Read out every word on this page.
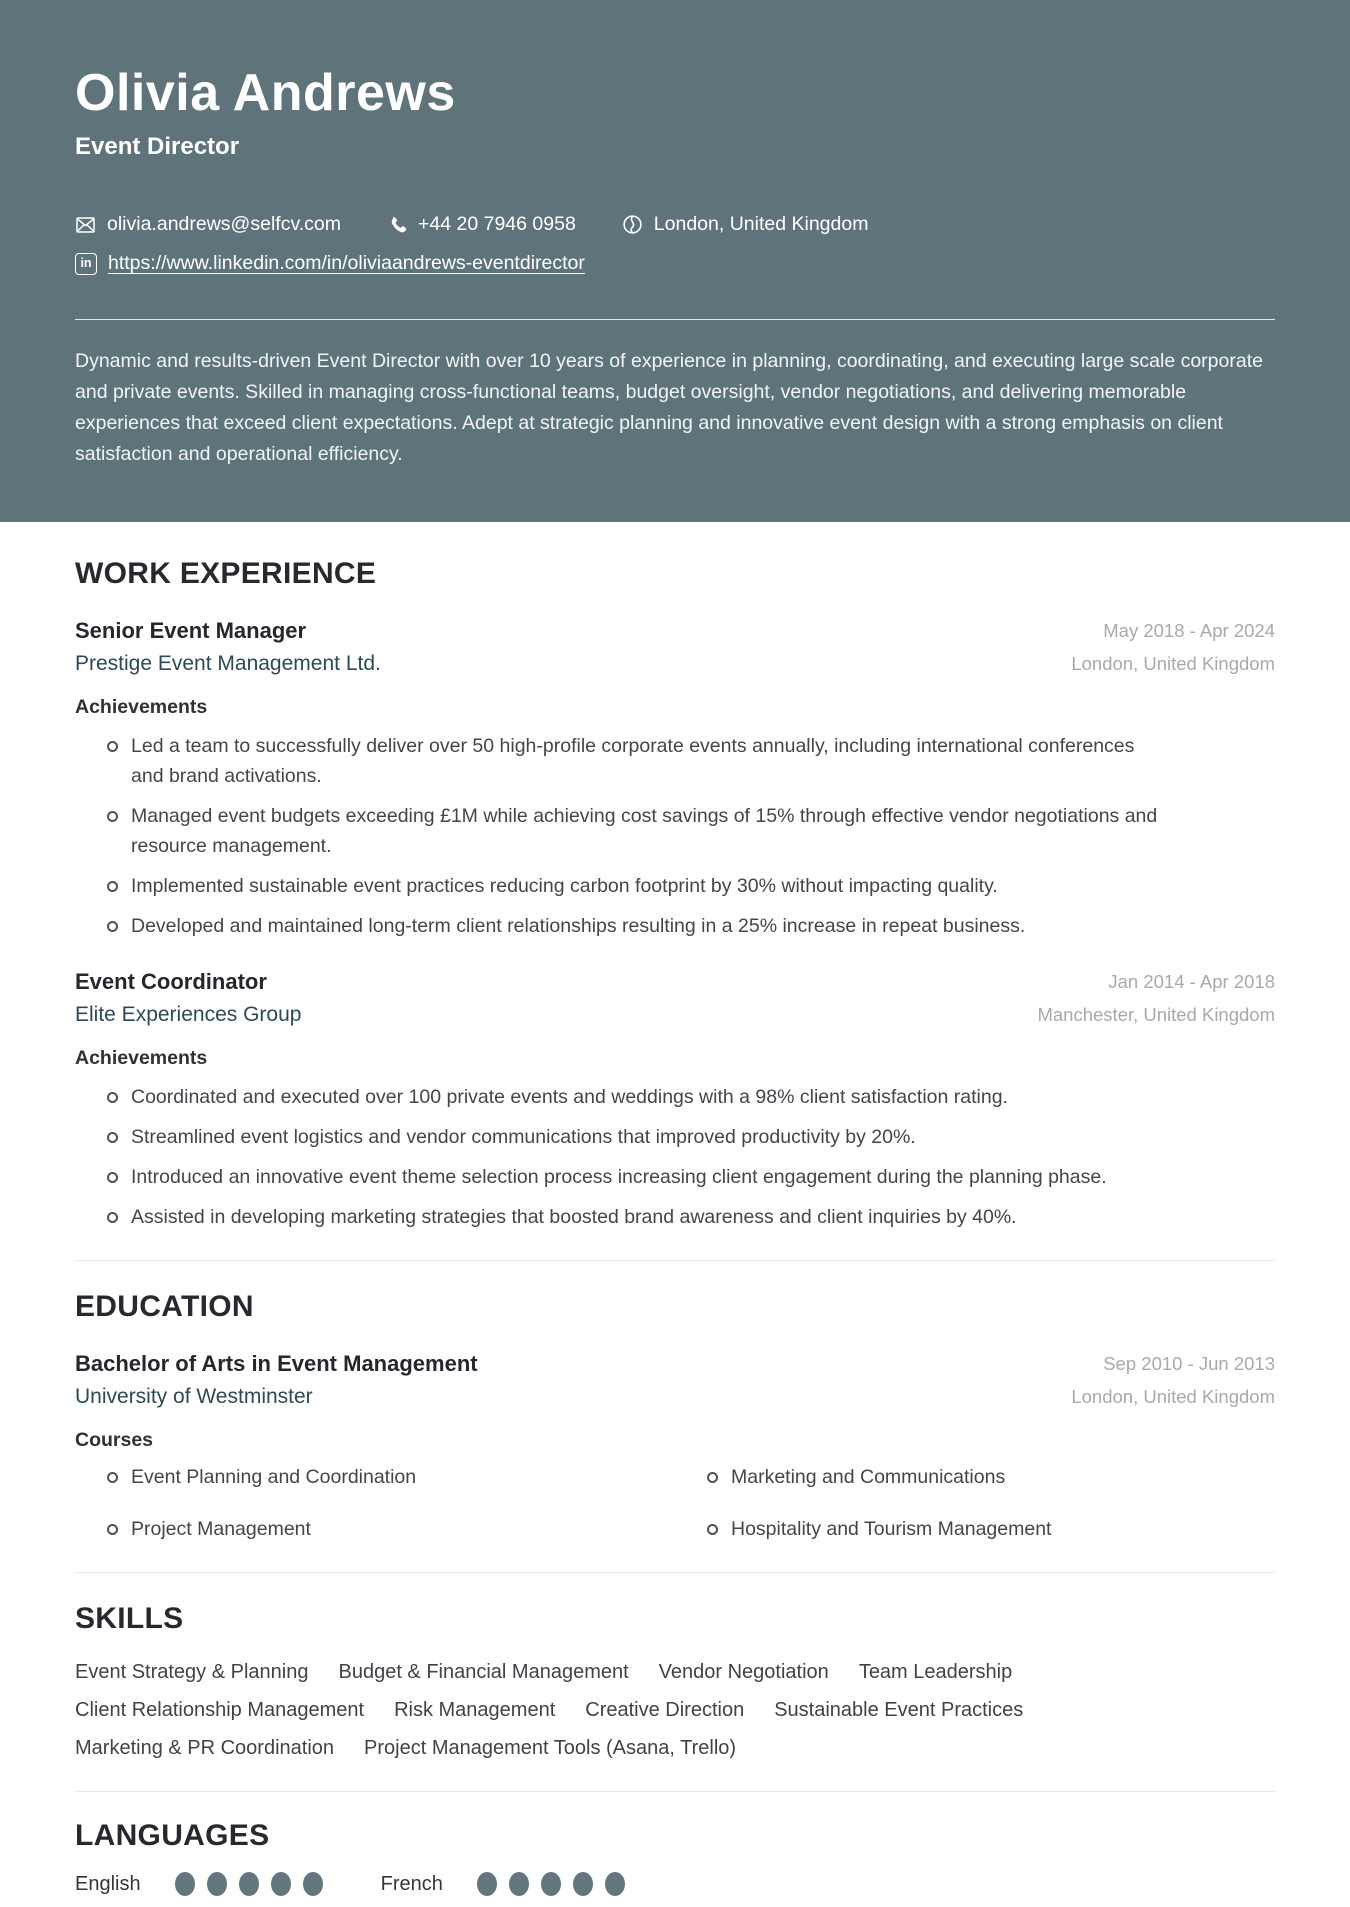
Olivia Andrews
Event Director
olivia.andrews@selfcv.com	+44 20 7946 0958	London, United Kingdom
in https://www.linkedin.com/in/oliviaandrews-eventdirector
Dynamic and results-driven Event Director with over 10 years of experience in planning, coordinating, and executing large scale corporate and private events. Skilled in managing cross-functional teams, budget oversight, vendor negotiations, and delivering memorable experiences that exceed client expectations. Adept at strategic planning and innovative event design with a strong emphasis on client satisfaction and operational efficiency.
WORK EXPERIENCE
Senior Event Manager
Prestige Event Management Ltd.
May 2018 - Apr 2024
London, United Kingdom
Achievements
Led a team to successfully deliver over 50 high-profile corporate events annually, including international conferences and brand activations.
Managed event budgets exceeding £1M while achieving cost savings of 15% through effective vendor negotiations and resource management.
Implemented sustainable event practices reducing carbon footprint by 30% without impacting quality.
Developed and maintained long-term client relationships resulting in a 25% increase in repeat business.
Event Coordinator
Elite Experiences Group
Jan 2014 - Apr 2018
Manchester, United Kingdom
Achievements
Coordinated and executed over 100 private events and weddings with a 98% client satisfaction rating.
Streamlined event logistics and vendor communications that improved productivity by 20%.
Introduced an innovative event theme selection process increasing client engagement during the planning phase.
Assisted in developing marketing strategies that boosted brand awareness and client inquiries by 40%.
EDUCATION
Bachelor of Arts in Event Management
University of Westminster
Sep 2010 - Jun 2013
London, United Kingdom
Courses
Event Planning and Coordination	Marketing and Communications
Project Management	Hospitality and Tourism Management
SKILLS
Event Strategy & Planning Budget & Financial Management Vendor Negotiation Team Leadership
Client Relationship Management Risk Management Creative Direction Sustainable Event Practices
Marketing & PR Coordination Project Management Tools (Asana, Trello)
LANGUAGES
English	French
